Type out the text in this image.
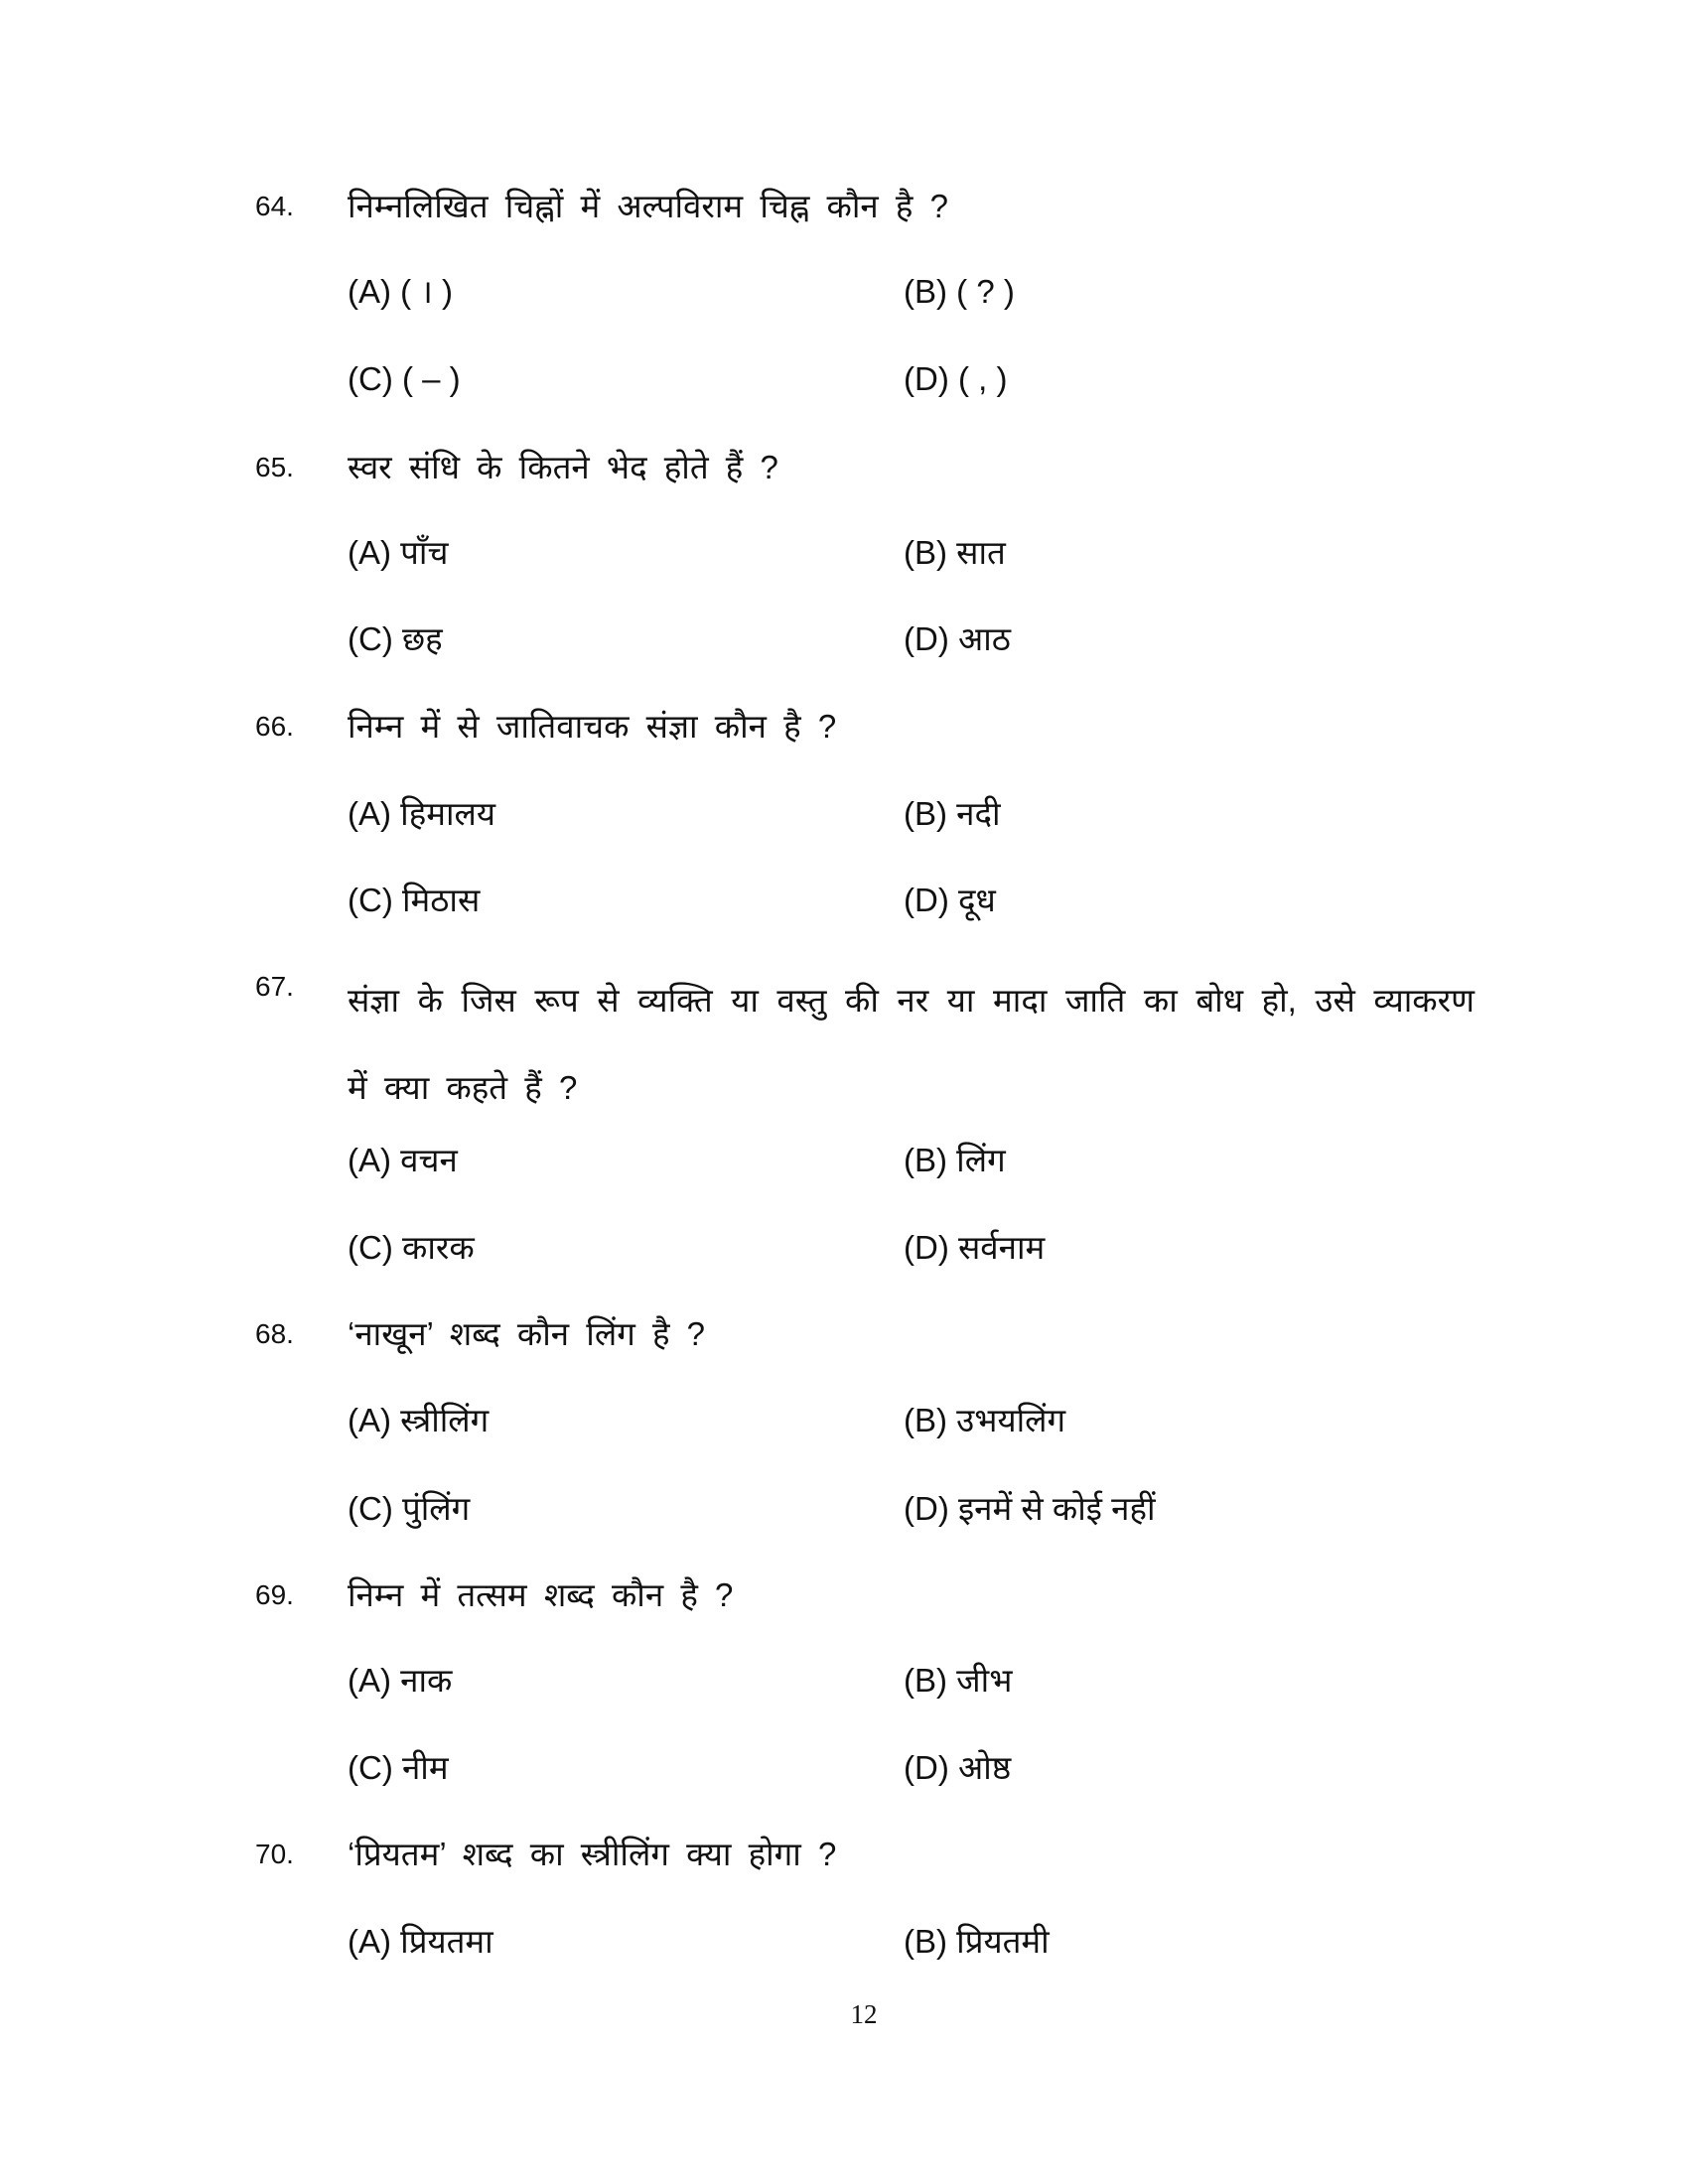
64. निम्नलिखित चिह्नों में अल्पविराम चिह्न कौन है ?
(A) ( । )	(B) ( ? )
(C) ( – )	(D) ( , )
65. स्वर संधि के कितने भेद होते हैं ?
(A) पाँच	(B) सात
(C) छह	(D) आठ
66. निम्न में से जातिवाचक संज्ञा कौन है ?
(A) हिमालय	(B) नदी
(C) मिठास	(D) दूध
67. संज्ञा के जिस रूप से व्यक्ति या वस्तु की नर या मादा जाति का बोध हो, उसे व्याकरण में क्या कहते हैं ?
(A) वचन	(B) लिंग
(C) कारक	(D) सर्वनाम
68. ‘नाखून’ शब्द कौन लिंग है ?
(A) स्त्रीलिंग	(B) उभयलिंग
(C) पुंलिंग	(D) इनमें से कोई नहीं
69. निम्न में तत्सम शब्द कौन है ?
(A) नाक	(B) जीभ
(C) नीम	(D) ओष्ठ
70. ‘प्रियतम’ शब्द का स्त्रीलिंग क्या होगा ?
(A) प्रियतमा	(B) प्रियतमी
12
